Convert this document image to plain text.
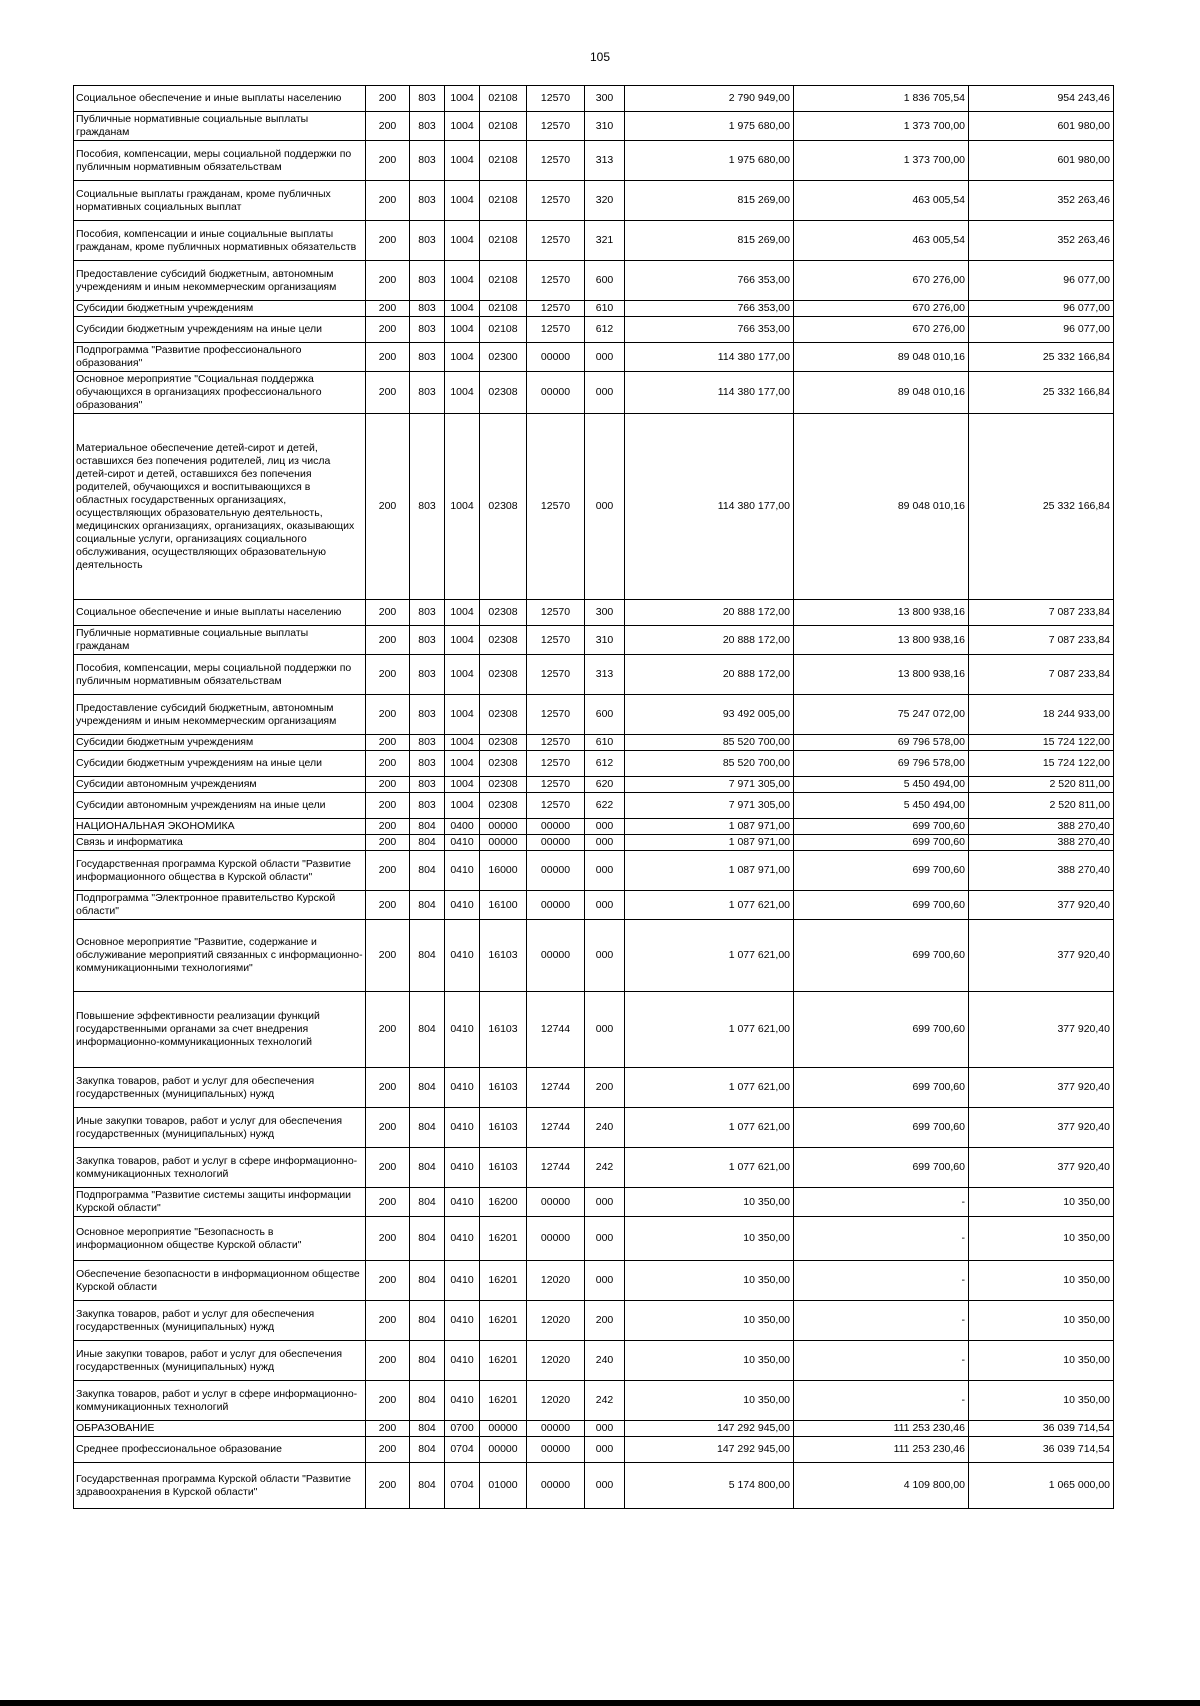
105
Социальное обеспечение и иные выплаты населению	200	803	1004	02108	12570	300	2 790 949,00	1 836 705,54	954 243,46
Публичные нормативные социальные выплаты гражданам	200	803	1004	02108	12570	310	1 975 680,00	1 373 700,00	601 980,00
Пособия, компенсации, меры социальной поддержки по публичным нормативным обязательствам	200	803	1004	02108	12570	313	1 975 680,00	1 373 700,00	601 980,00
Социальные выплаты гражданам, кроме публичных нормативных социальных выплат	200	803	1004	02108	12570	320	815 269,00	463 005,54	352 263,46
Пособия, компенсации и иные социальные выплаты гражданам, кроме публичных нормативных обязательств	200	803	1004	02108	12570	321	815 269,00	463 005,54	352 263,46
Предоставление субсидий бюджетным, автономным учреждениям и иным некоммерческим организациям	200	803	1004	02108	12570	600	766 353,00	670 276,00	96 077,00
Субсидии бюджетным учреждениям	200	803	1004	02108	12570	610	766 353,00	670 276,00	96 077,00
Субсидии бюджетным учреждениям на иные цели	200	803	1004	02108	12570	612	766 353,00	670 276,00	96 077,00
Подпрограмма "Развитие профессионального образования"	200	803	1004	02300	00000	000	114 380 177,00	89 048 010,16	25 332 166,84
Основное мероприятие "Социальная поддержка обучающихся в организациях профессионального образования"	200	803	1004	02308	00000	000	114 380 177,00	89 048 010,16	25 332 166,84
Материальное обеспечение детей-сирот и детей, оставшихся без попечения родителей, лиц из числа детей-сирот и детей, оставшихся без попечения родителей, обучающихся и воспитывающихся в областных государственных организациях, осуществляющих образовательную деятельность, медицинских организациях, организациях, оказывающих социальные услуги, организациях социального обслуживания, осуществляющих образовательную деятельность	200	803	1004	02308	12570	000	114 380 177,00	89 048 010,16	25 332 166,84
Социальное обеспечение и иные выплаты населению	200	803	1004	02308	12570	300	20 888 172,00	13 800 938,16	7 087 233,84
Публичные нормативные социальные выплаты гражданам	200	803	1004	02308	12570	310	20 888 172,00	13 800 938,16	7 087 233,84
Пособия, компенсации, меры социальной поддержки по публичным нормативным обязательствам	200	803	1004	02308	12570	313	20 888 172,00	13 800 938,16	7 087 233,84
Предоставление субсидий бюджетным, автономным учреждениям и иным некоммерческим организациям	200	803	1004	02308	12570	600	93 492 005,00	75 247 072,00	18 244 933,00
Субсидии бюджетным учреждениям	200	803	1004	02308	12570	610	85 520 700,00	69 796 578,00	15 724 122,00
Субсидии бюджетным учреждениям на иные цели	200	803	1004	02308	12570	612	85 520 700,00	69 796 578,00	15 724 122,00
Субсидии автономным учреждениям	200	803	1004	02308	12570	620	7 971 305,00	5 450 494,00	2 520 811,00
Субсидии автономным учреждениям на иные цели	200	803	1004	02308	12570	622	7 971 305,00	5 450 494,00	2 520 811,00
НАЦИОНАЛЬНАЯ ЭКОНОМИКА	200	804	0400	00000	00000	000	1 087 971,00	699 700,60	388 270,40
Связь и информатика	200	804	0410	00000	00000	000	1 087 971,00	699 700,60	388 270,40
Государственная программа Курской области "Развитие информационного общества в Курской области"	200	804	0410	16000	00000	000	1 087 971,00	699 700,60	388 270,40
Подпрограмма "Электронное правительство Курской области"	200	804	0410	16100	00000	000	1 077 621,00	699 700,60	377 920,40
Основное мероприятие "Развитие, содержание и обслуживание мероприятий связанных с информационно-коммуникационными технологиями"	200	804	0410	16103	00000	000	1 077 621,00	699 700,60	377 920,40
Повышение эффективности реализации функций государственными органами за счет внедрения информационно-коммуникационных технологий	200	804	0410	16103	12744	000	1 077 621,00	699 700,60	377 920,40
Закупка товаров, работ и услуг для обеспечения государственных (муниципальных) нужд	200	804	0410	16103	12744	200	1 077 621,00	699 700,60	377 920,40
Иные закупки товаров, работ и услуг для обеспечения государственных (муниципальных) нужд	200	804	0410	16103	12744	240	1 077 621,00	699 700,60	377 920,40
Закупка товаров, работ и услуг в сфере информационно-коммуникационных технологий	200	804	0410	16103	12744	242	1 077 621,00	699 700,60	377 920,40
Подпрограмма "Развитие системы защиты информации Курской области"	200	804	0410	16200	00000	000	10 350,00	-	10 350,00
Основное мероприятие "Безопасность в информационном обществе Курской области"	200	804	0410	16201	00000	000	10 350,00	-	10 350,00
Обеспечение безопасности в информационном обществе Курской области	200	804	0410	16201	12020	000	10 350,00	-	10 350,00
Закупка товаров, работ и услуг для обеспечения государственных (муниципальных) нужд	200	804	0410	16201	12020	200	10 350,00	-	10 350,00
Иные закупки товаров, работ и услуг для обеспечения государственных (муниципальных) нужд	200	804	0410	16201	12020	240	10 350,00	-	10 350,00
Закупка товаров, работ и услуг в сфере информационно-коммуникационных технологий	200	804	0410	16201	12020	242	10 350,00	-	10 350,00
ОБРАЗОВАНИЕ	200	804	0700	00000	00000	000	147 292 945,00	111 253 230,46	36 039 714,54
Среднее профессиональное образование	200	804	0704	00000	00000	000	147 292 945,00	111 253 230,46	36 039 714,54
Государственная программа Курской области "Развитие здравоохранения в Курской области"	200	804	0704	01000	00000	000	5 174 800,00	4 109 800,00	1 065 000,00
